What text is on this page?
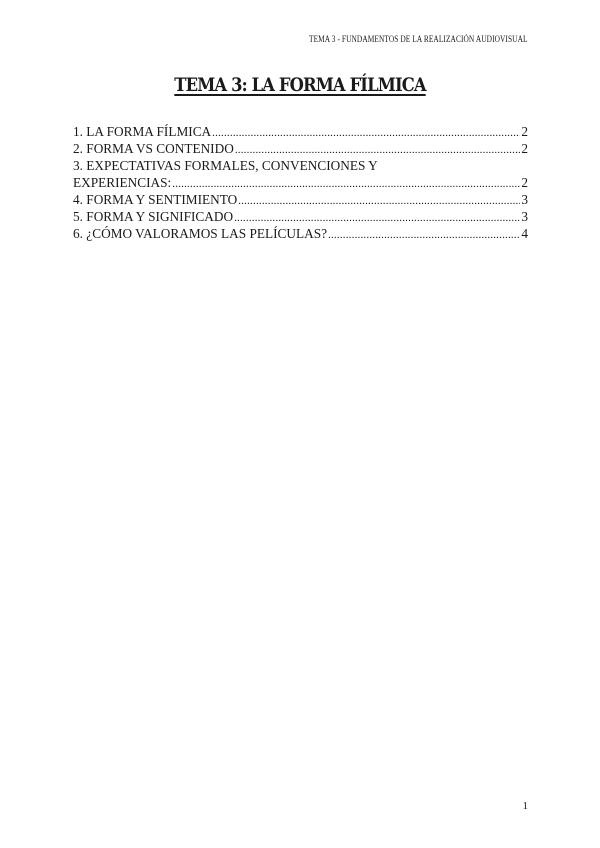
TEMA 3 - FUNDAMENTOS DE LA REALIZACIÓN AUDIOVISUAL
TEMA 3: LA FORMA FÍLMICA
1. LA FORMA FÍLMICA .....	2
2. FORMA VS CONTENIDO .....	2
3. EXPECTATIVAS FORMALES, CONVENCIONES Y
EXPERIENCIAS: .....	2
4. FORMA Y SENTIMIENTO .....	3
5. FORMA Y SIGNIFICADO .....	3
6. ¿CÓMO VALORAMOS LAS PELÍCULAS? .....	4
1
